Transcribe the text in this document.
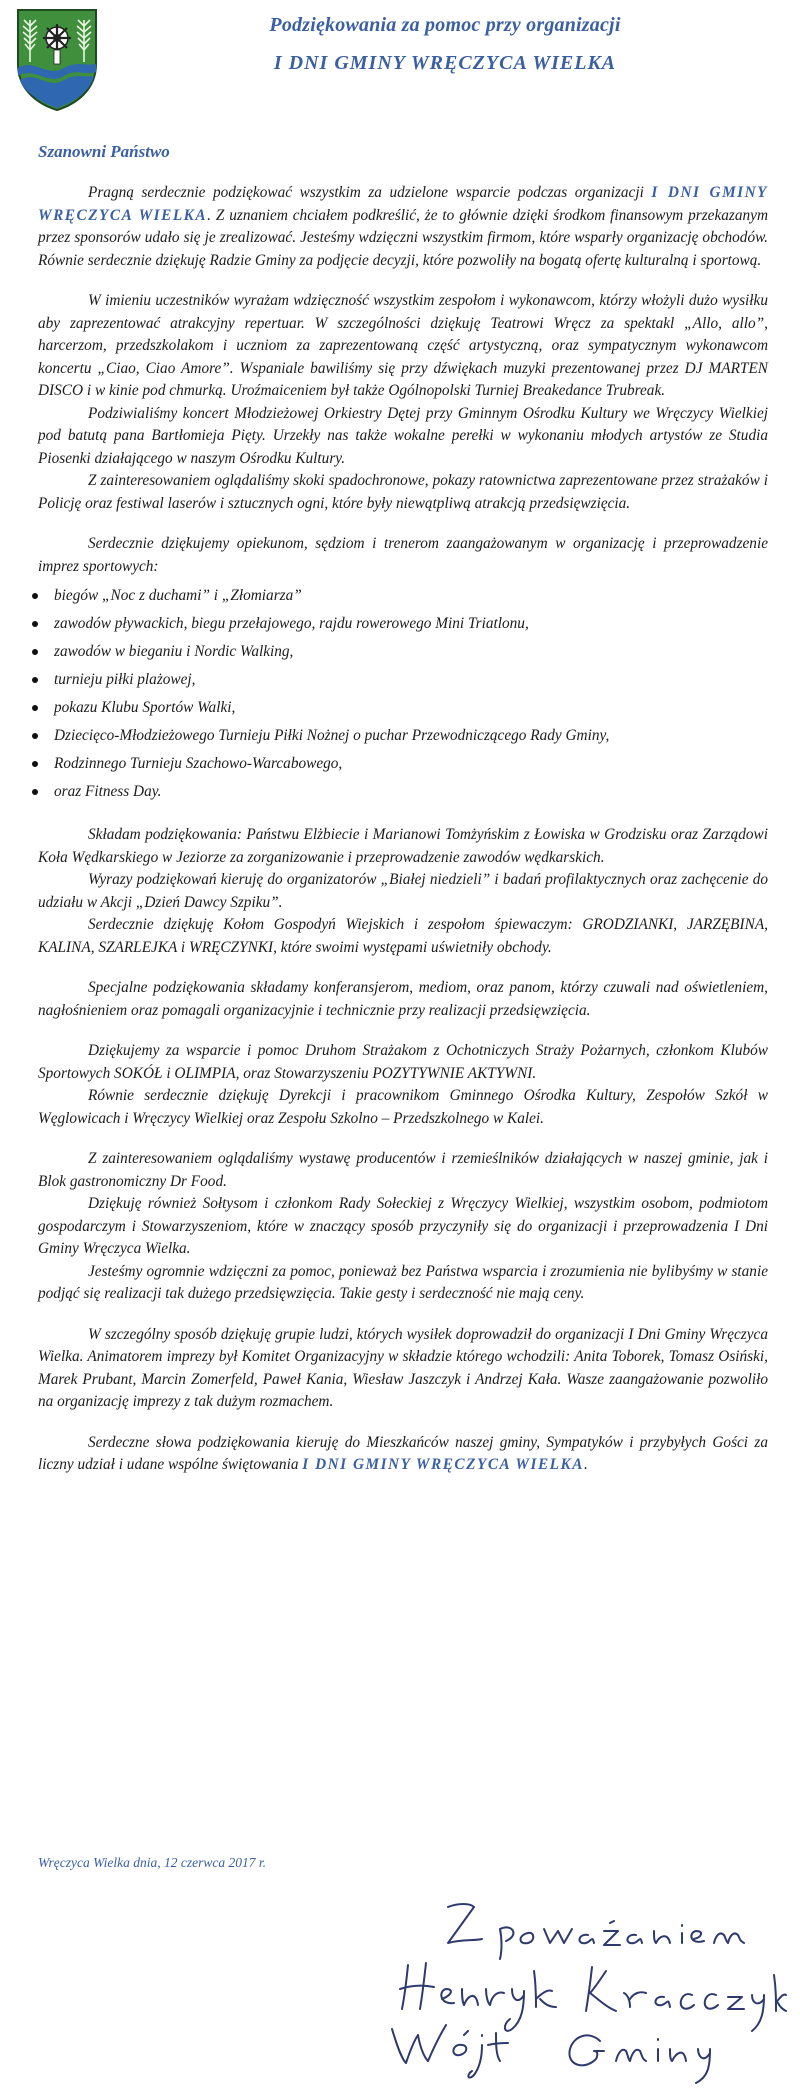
Podziękowania za pomoc przy organizacji
I DNI GMINY WRĘCZYCA WIELKA
Szanowni Państwo

Pragną serdecznie podziękować wszystkim za udzielone wsparcie podczas organizacji I DNI GMINY WRĘCZYCA WIELKA. Z uznaniem chciałem podkreślić, że to głównie dzięki środkom finansowym przekazanym przez sponsorów udało się je zrealizować. Jesteśmy wdzięczni wszystkim firmom, które wsparły organizację obchodów. Równie serdecznie dziękuję Radzie Gminy za podjęcie decyzji, które pozwoliły na bogatą ofertę kulturalną i sportową.

W imieniu uczestników wyrażam wdzięczność wszystkim zespołom i wykonawcom, którzy włożyli dużo wysiłku aby zaprezentować atrakcyjny repertuar. W szczególności dziękuję Teatrowi Wręcz za spektakl „Allo, allo”, harcerzom, przedszkolakom i uczniom za zaprezentowaną część artystyczną, oraz sympatycznym wykonawcom koncertu „Ciao, Ciao Amore”. Wspaniale bawiliśmy się przy dźwiękach muzyki prezentowanej przez DJ MARTEN DISCO i w kinie pod chmurką. Uroźmaiceniem był także Ogólnopolski Turniej Breakedance Trubreak.

Podziwialiśmy koncert Młodzieżowej Orkiestry Dętej przy Gminnym Ośrodku Kultury we Wręczycy Wielkiej pod batutą pana Bartłomieja Pięty. Urzekły nas także wokalne perełki w wykonaniu młodych artystów ze Studia Piosenki działającego w naszym Ośrodku Kultury.

Z zainteresowaniem oglądaliśmy skoki spadochronowe, pokazy ratownictwa zaprezentowane przez strażaków i Policję oraz festiwal laserów i sztucznych ogni, które były niewątpliwą atrakcją przedsięwzięcia.

Serdecznie dziękujemy opiekunom, sędziom i trenerom zaangażowanym w organizację i przeprowadzenie imprez sportowych:

biegów „Noc z duchami” i „Złomiarza”
zawodów pływackich, biegu przełajowego, rajdu rowerowego Mini Triatlonu,
zawodów w bieganiu i Nordic Walking,
turnieju piłki plażowej,
pokazu Klubu Sportów Walki,
Dziecięco-Młodzieżowego Turnieju Piłki Nożnej o puchar Przewodniczącego Rady Gminy,
Rodzinnego Turnieju Szachowo-Warcabowego,
oraz Fitness Day.

Składam podziękowania: Państwu Elżbiecie i Marianowi Tomżyńskim z Łowiska w Grodzisku oraz Zarządowi Koła Wędkarskiego w Jeziorze za zorganizowanie i przeprowadzenie zawodów wędkarskich.

Wyrazy podziękowań kieruję do organizatorów „Białej niedzieli” i badań profilaktycznych oraz zachęcenie do udziału w Akcji „Dzień Dawcy Szpiku”.

Serdecznie dziękuję Kołom Gospodyń Wiejskich i zespołom śpiewaczym: GRODZIANKI, JARZĘBINA, KALINA, SZARLEJKA i WRĘCZYNKI, które swoimi występami uświetniły obchody.

Specjalne podziękowania składamy konferansjerom, mediom, oraz panom, którzy czuwali nad oświetleniem, nagłośnieniem oraz pomagali organizacyjnie i technicznie przy realizacji przedsięwzięcia.

Dziękujemy za wsparcie i pomoc Druhom Strażakom z Ochotniczych Straży Pożarnych, członkom Klubów Sportowych SOKÓŁ i OLIMPIA, oraz Stowarzyszeniu POZYTYWNIE AKTYWNI.

Równie serdecznie dziękuję Dyrekcji i pracownikom Gminnego Ośrodka Kultury, Zespołów Szkół w Węglowicach i Wręczycy Wielkiej oraz Zespołu Szkolno – Przedszkolnego w Kalei.

Z zainteresowaniem oglądaliśmy wystawę producentów i rzemieślników działających w naszej gminie, jak i Blok gastronomiczny Dr Food.

Dziękuję również Sołtysom i członkom Rady Sołeckiej z Wręczycy Wielkiej, wszystkim osobom, podmiotom gospodarczym i Stowarzyszeniom, które w znaczący sposób przyczyniły się do organizacji i przeprowadzenia I Dni Gminy Wręczyca Wielka.

Jesteśmy ogromnie wdzięczni za pomoc, ponieważ bez Państwa wsparcia i zrozumienia nie bylibyśmy w stanie podjąć się realizacji tak dużego przedsięwzięcia. Takie gesty i serdeczność nie mają ceny.

W szczególny sposób dziękuję grupie ludzi, których wysiłek doprowadził do organizacji I Dni Gminy Wręczyca Wielka. Animatorem imprezy był Komitet Organizacyjny w składzie którego wchodzili: Anita Toborek, Tomasz Osiński, Marek Prubant, Marcin Zomerfeld, Paweł Kania, Wiesław Jaszczyk i Andrzej Kała. Wasze zaangażowanie pozwoliło na organizację imprezy z tak dużym rozmachem.

Serdeczne słowa podziękowania kieruję do Mieszkańców naszej gminy, Sympatyków i przybyłych Gości za liczny udział i udane wspólne świętowania I DNI GMINY WRĘCZYCA WIELKA.

Wręczyca Wielka dnia, 12 czerwca 2017 r.
